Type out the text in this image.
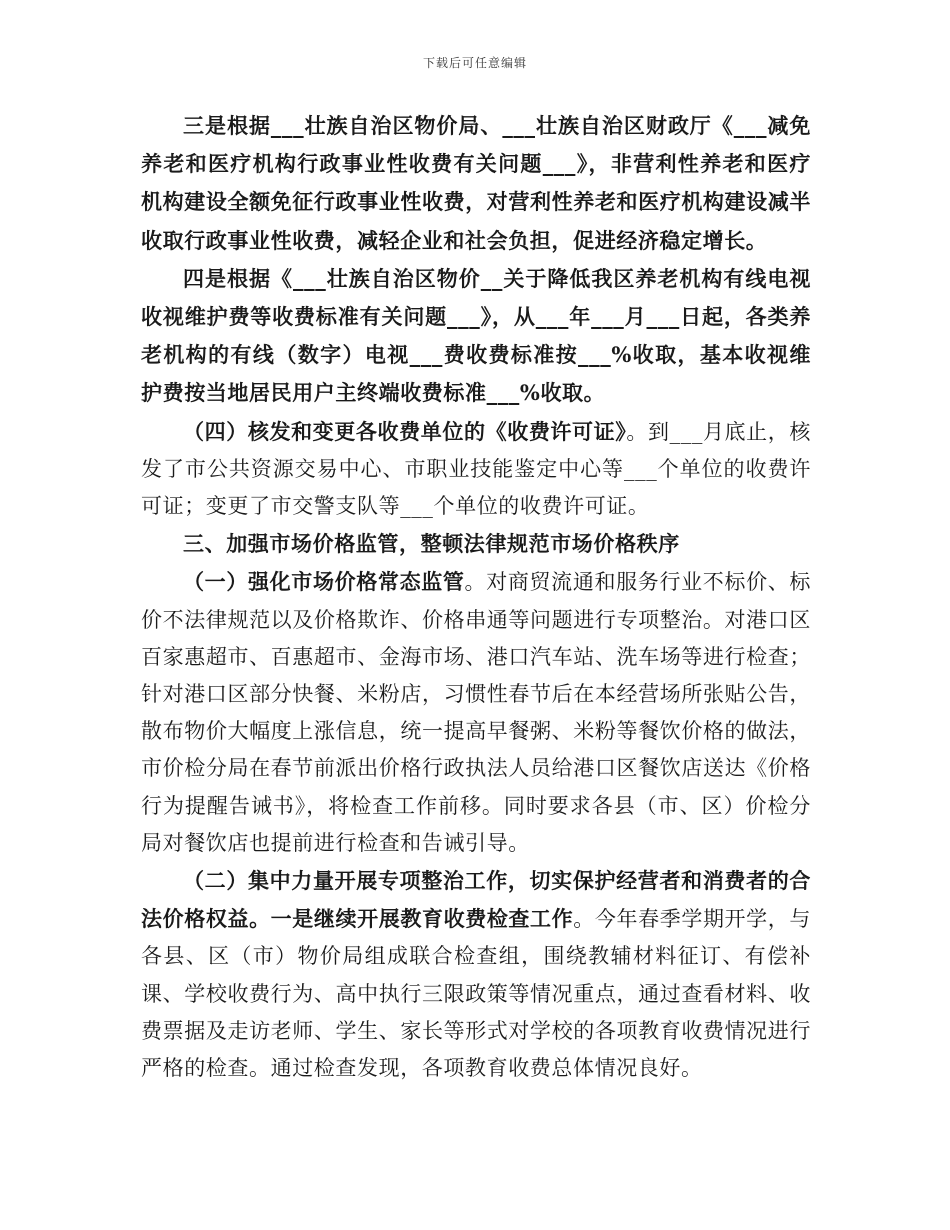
下载后可任意编辑

三是根据___壮族自治区物价局、___壮族自治区财政厅《___减免养老和医疗机构行政事业性收费有关问题___》，非营利性养老和医疗机构建设全额免征行政事业性收费，对营利性养老和医疗机构建设减半收取行政事业性收费，减轻企业和社会负担，促进经济稳定增长。

四是根据《___壮族自治区物价__关于降低我区养老机构有线电视收视维护费等收费标准有关问题___》，从___年___月___日起，各类养老机构的有线（数字）电视___费收费标准按___%收取，基本收视维护费按当地居民用户主终端收费标准___%收取。

（四）核发和变更各收费单位的《收费许可证》。到___月底止，核发了市公共资源交易中心、市职业技能鉴定中心等___个单位的收费许可证；变更了市交警支队等___个单位的收费许可证。

三、加强市场价格监管，整顿法律规范市场价格秩序

（一）强化市场价格常态监管。对商贸流通和服务行业不标价、标价不法律规范以及价格欺诈、价格串通等问题进行专项整治。对港口区百家惠超市、百惠超市、金海市场、港口汽车站、洗车场等进行检查；针对港口区部分快餐、米粉店，习惯性春节后在本经营场所张贴公告，散布物价大幅度上涨信息，统一提高早餐粥、米粉等餐饮价格的做法，市价检分局在春节前派出价格行政执法人员给港口区餐饮店送达《价格行为提醒告诫书》，将检查工作前移。同时要求各县（市、区）价检分局对餐饮店也提前进行检查和告诫引导。

（二）集中力量开展专项整治工作，切实保护经营者和消费者的合法价格权益。一是继续开展教育收费检查工作。今年春季学期开学，与各县、区（市）物价局组成联合检查组，围绕教辅材料征订、有偿补课、学校收费行为、高中执行三限政策等情况重点，通过查看材料、收费票据及走访老师、学生、家长等形式对学校的各项教育收费情况进行严格的检查。通过检查发现，各项教育收费总体情况良好。
